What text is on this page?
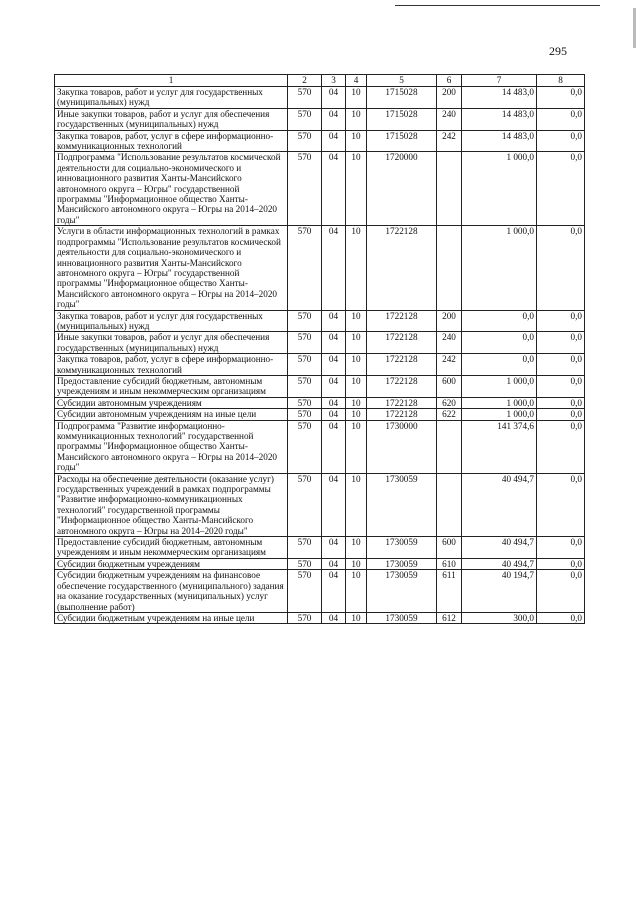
295
1	2	3	4	5	6	7	8
Закупка товаров, работ и услуг для государственных (муниципальных) нужд	570	04	10	1715028	200	14 483,0	0,0
Иные закупки товаров, работ и услуг для обеспечения государственных (муниципальных) нужд	570	04	10	1715028	240	14 483,0	0,0
Закупка товаров, работ, услуг в сфере информационно-коммуникационных технологий	570	04	10	1715028	242	14 483,0	0,0
Подпрограмма "Использование результатов космической деятельности для социально-экономического и инновационного развития Ханты-Мансийского автономного округа – Югры" государственной программы "Информационное общество Ханты-Мансийского автономного округа – Югры на 2014–2020 годы"	570	04	10	1720000		1 000,0	0,0
Услуги в области информационных технологий в рамках подпрограммы "Использование результатов космической деятельности для социально-экономического и инновационного развития Ханты-Мансийского автономного округа – Югры" государственной программы "Информационное общество Ханты-Мансийского автономного округа – Югры на 2014–2020 годы"	570	04	10	1722128		1 000,0	0,0
Закупка товаров, работ и услуг для государственных (муниципальных) нужд	570	04	10	1722128	200	0,0	0,0
Иные закупки товаров, работ и услуг для обеспечения государственных (муниципальных) нужд	570	04	10	1722128	240	0,0	0,0
Закупка товаров, работ, услуг в сфере информационно-коммуникационных технологий	570	04	10	1722128	242	0,0	0,0
Предоставление субсидий бюджетным, автономным учреждениям и иным некоммерческим организациям	570	04	10	1722128	600	1 000,0	0,0
Субсидии автономным учреждениям	570	04	10	1722128	620	1 000,0	0,0
Субсидии автономным учреждениям на иные цели	570	04	10	1722128	622	1 000,0	0,0
Подпрограмма "Развитие информационно-коммуникационных технологий" государственной программы "Информационное общество Ханты-Мансийского автономного округа – Югры на 2014–2020 годы"	570	04	10	1730000		141 374,6	0,0
Расходы на обеспечение деятельности (оказание услуг) государственных учреждений в рамках подпрограммы "Развитие информационно-коммуникационных технологий" государственной программы "Информационное общество Ханты-Мансийского автономного округа – Югры на 2014–2020 годы"	570	04	10	1730059		40 494,7	0,0
Предоставление субсидий бюджетным, автономным учреждениям и иным некоммерческим организациям	570	04	10	1730059	600	40 494,7	0,0
Субсидии бюджетным учреждениям	570	04	10	1730059	610	40 494,7	0,0
Субсидии бюджетным учреждениям на финансовое обеспечение государственного (муниципального) задания на оказание государственных (муниципальных) услуг (выполнение работ)	570	04	10	1730059	611	40 194,7	0,0
Субсидии бюджетным учреждениям на иные цели	570	04	10	1730059	612	300,0	0,0
